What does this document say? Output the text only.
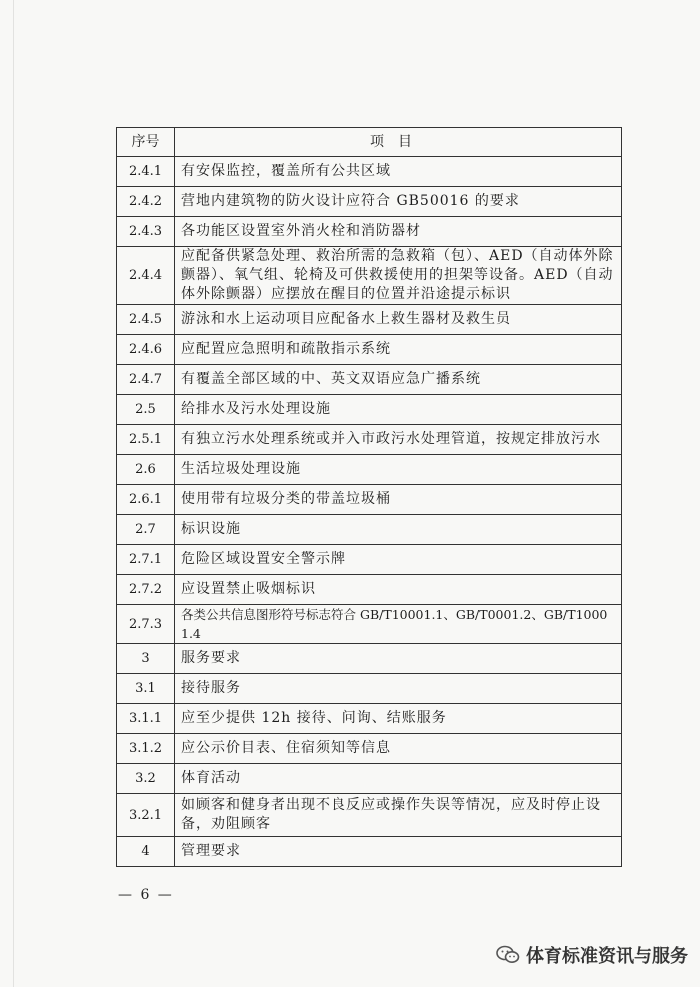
序号	项目
2.4.1	有安保监控，覆盖所有公共区域
2.4.2	营地内建筑物的防火设计应符合 GB50016 的要求
2.4.3	各功能区设置室外消火栓和消防器材
2.4.4	应配备供紧急处理、救治所需的急救箱（包）、AED（自动体外除颤器）、氧气组、轮椅及可供救援使用的担架等设备。AED（自动体外除颤器）应摆放在醒目的位置并沿途提示标识
2.4.5	游泳和水上运动项目应配备水上救生器材及救生员
2.4.6	应配置应急照明和疏散指示系统
2.4.7	有覆盖全部区域的中、英文双语应急广播系统
2.5	给排水及污水处理设施
2.5.1	有独立污水处理系统或并入市政污水处理管道，按规定排放污水
2.6	生活垃圾处理设施
2.6.1	使用带有垃圾分类的带盖垃圾桶
2.7	标识设施
2.7.1	危险区域设置安全警示牌
2.7.2	应设置禁止吸烟标识
2.7.3	各类公共信息图形符号标志符合 GB/T10001.1、GB/T0001.2、GB/T10001.4
3	服务要求
3.1	接待服务
3.1.1	应至少提供 12h 接待、问询、结账服务
3.1.2	应公示价目表、住宿须知等信息
3.2	体育活动
3.2.1	如顾客和健身者出现不良反应或操作失误等情况，应及时停止设备，劝阻顾客
4	管理要求
— 6 —
体育标准资讯与服务
